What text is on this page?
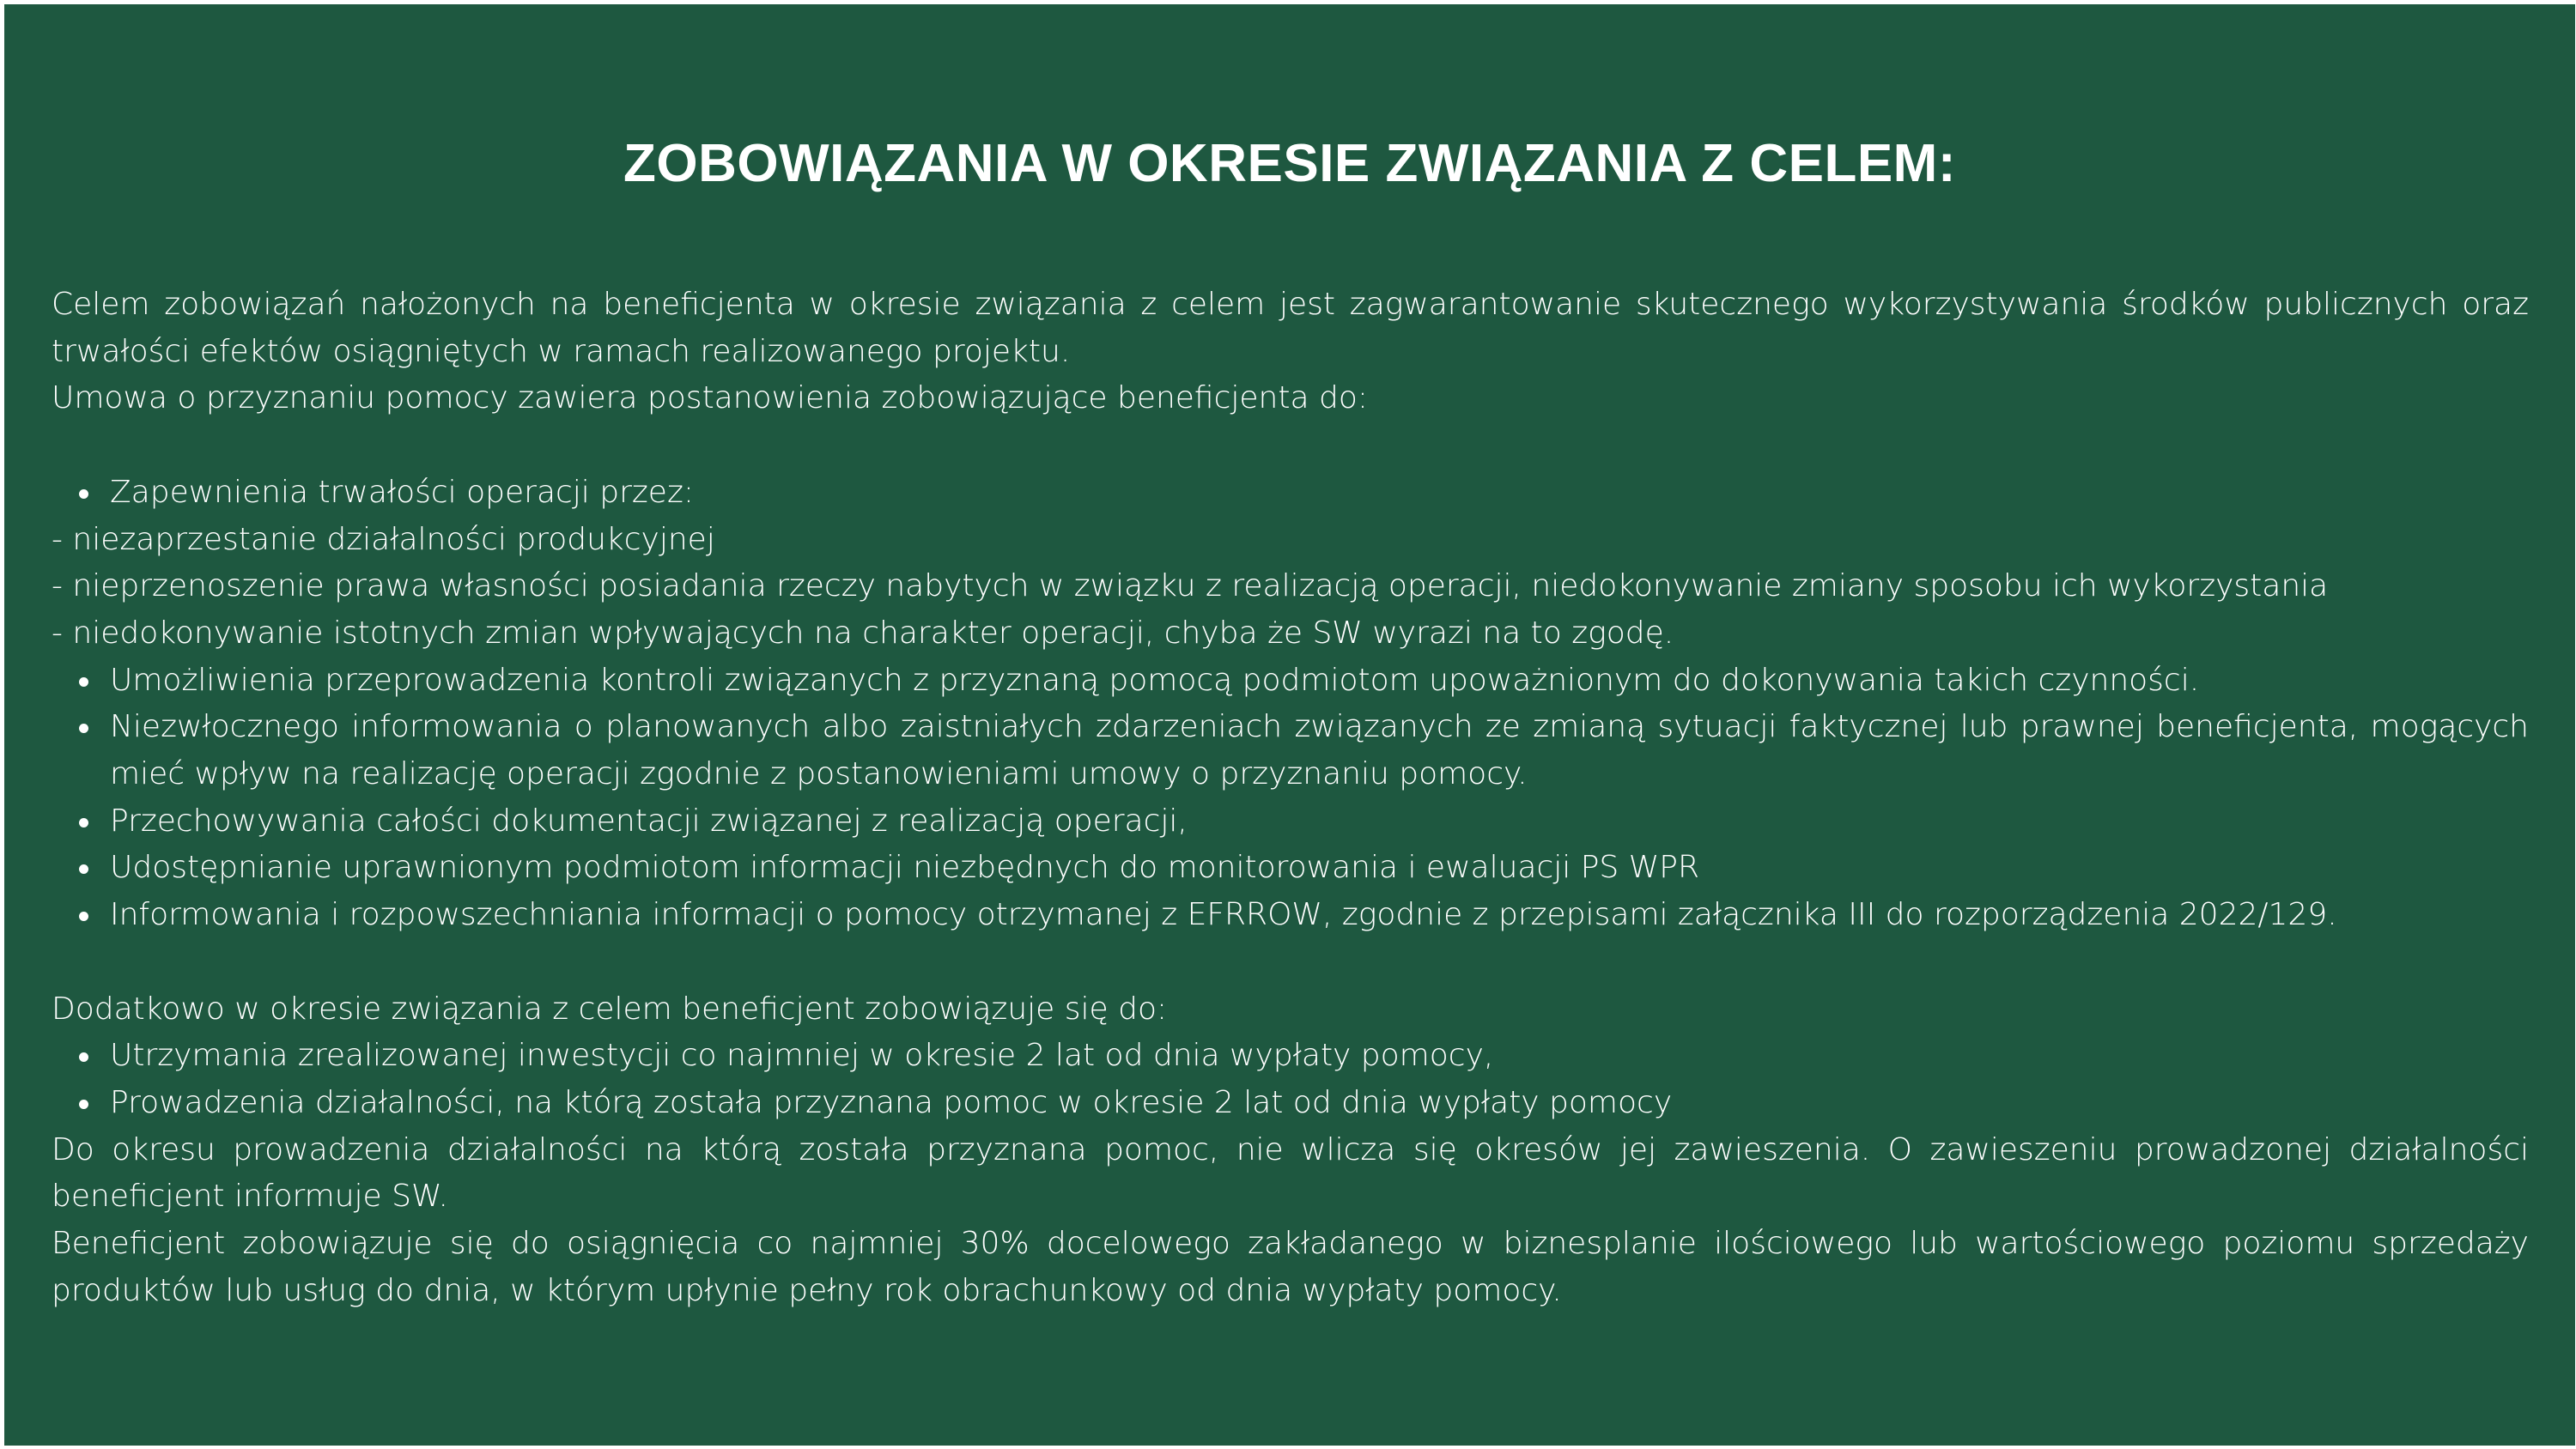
ZOBOWIĄZANIA W OKRESIE ZWIĄZANIA Z CELEM:

Celem zobowiązań nałożonych na beneficjenta w okresie związania z celem jest zagwarantowanie skutecznego wykorzystywania środków publicznych oraz trwałości efektów osiągniętych w ramach realizowanego projektu.

Umowa o przyznaniu pomocy zawiera postanowienia zobowiązujące beneficjenta do:

Zapewnienia trwałości operacji przez:

- niezaprzestanie działalności produkcyjnej

- nieprzenoszenie prawa własności posiadania rzeczy nabytych w związku z realizacją operacji, niedokonywanie zmiany sposobu ich wykorzystania

- niedokonywanie istotnych zmian wpływających na charakter operacji, chyba że SW wyrazi na to zgodę.

Umożliwienia przeprowadzenia kontroli związanych z przyznaną pomocą podmiotom upoważnionym do dokonywania takich czynności.
Niezwłocznego informowania o planowanych albo zaistniałych zdarzeniach związanych ze zmianą sytuacji faktycznej lub prawnej beneficjenta, mogących mieć wpływ na realizację operacji zgodnie z postanowieniami umowy o przyznaniu pomocy.
Przechowywania całości dokumentacji związanej z realizacją operacji,
Udostępnianie uprawnionym podmiotom informacji niezbędnych do monitorowania i ewaluacji PS WPR
Informowania i rozpowszechniania informacji o pomocy otrzymanej z EFRROW, zgodnie z przepisami załącznika III do rozporządzenia 2022/129.

Dodatkowo w okresie związania z celem beneficjent zobowiązuje się do:

Utrzymania zrealizowanej inwestycji co najmniej w okresie 2 lat od dnia wypłaty pomocy,
Prowadzenia działalności, na którą została przyznana pomoc w okresie 2 lat od dnia wypłaty pomocy

Do okresu prowadzenia działalności na którą została przyznana pomoc, nie wlicza się okresów jej zawieszenia. O zawieszeniu prowadzonej działalności beneficjent informuje SW.

Beneficjent zobowiązuje się do osiągnięcia co najmniej 30% docelowego zakładanego w biznesplanie ilościowego lub wartościowego poziomu sprzedaży produktów lub usług do dnia, w którym upłynie pełny rok obrachunkowy od dnia wypłaty pomocy.
